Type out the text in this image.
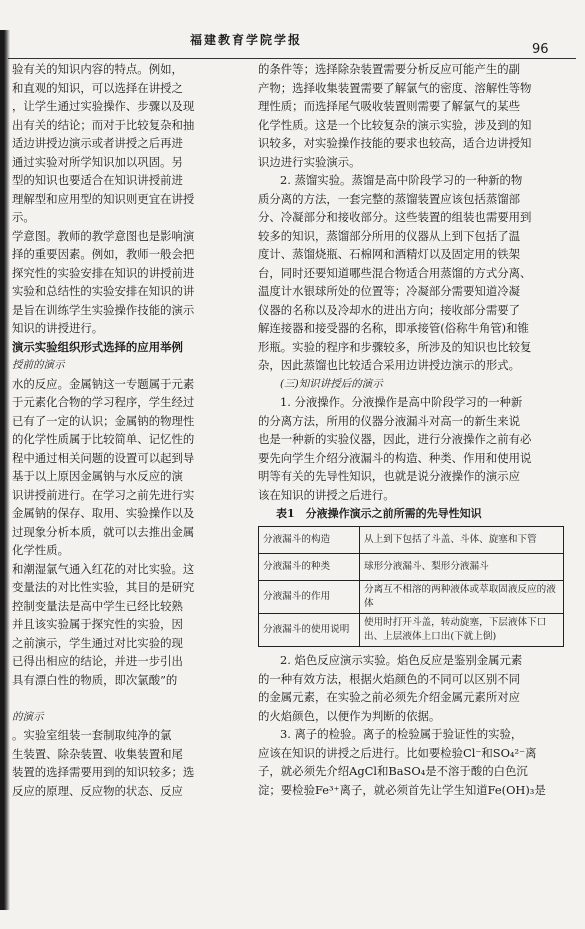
福建教育学院学报
96
验有关的知识内容的特点。例如，
和直观的知识，可以选择在讲授之
，让学生通过实验操作、步骤以及现
出有关的结论；而对于比较复杂和抽
适边讲授边演示或者讲授之后再进
通过实验对所学知识加以巩固。另
型的知识也要适合在知识讲授前进
理解型和应用型的知识则更宜在讲授
示。
学意图。教师的教学意图也是影响演
择的重要因素。例如，教师一般会把
探究性的实验安排在知识的讲授前进
实验和总结性的实验安排在知识的讲
是旨在训练学生实验操作技能的演示
知识的讲授进行。
演示实验组织形式选择的应用举例
授前的演示
水的反应。金属钠这一专题属于元素
于元素化合物的学习程序，学生经过
已有了一定的认识；金属钠的物理性
的化学性质属于比较简单、记忆性的
程中通过相关问题的设置可以起到导
基于以上原因金属钠与水反应的演
识讲授前进行。在学习之前先进行实
金属钠的保存、取用、实验操作以及
过现象分析本质，就可以去推出金属
化学性质。
和潮湿氯气通入红花的对比实验。这
变量法的对比性实验，其目的是研究
控制变量法是高中学生已经比较熟
并且该实验属于探究性的实验，因
之前演示，学生通过对比实验的现
已得出相应的结论，并进一步引出
具有漂白性的物质，即次氯酸”的
的演示
。实验室组装一套制取纯净的氯
生装置、除杂装置、收集装置和尾
装置的选择需要用到的知识较多；选
反应的原理、反应物的状态、反应
的条件等；选择除杂装置需要分析反应可能产生的副
产物；选择收集装置需要了解氯气的密度、溶解性等物
理性质；而选择尾气吸收装置则需要了解氯气的某些
化学性质。这是一个比较复杂的演示实验，涉及到的知
识较多，对实验操作技能的要求也较高，适合边讲授知
识边进行实验演示。
2. 蒸馏实验。蒸馏是高中阶段学习的一种新的物
质分离的方法，一套完整的蒸馏装置应该包括蒸馏部
分、冷凝部分和接收部分。这些装置的组装也需要用到
较多的知识，蒸馏部分所用的仪器从上到下包括了温
度计、蒸馏烧瓶、石棉网和酒精灯以及固定用的铁架
台，同时还要知道哪些混合物适合用蒸馏的方式分离、
温度计水银球所处的位置等；冷凝部分需要知道冷凝
仪器的名称以及冷却水的进出方向；接收部分需要了
解连接器和接受器的名称，即承接管(俗称牛角管)和锥
形瓶。实验的程序和步骤较多，所涉及的知识也比较复
杂，因此蒸馏也比较适合采用边讲授边演示的形式。
(三)知识讲授后的演示
1. 分液操作。分液操作是高中阶段学习的一种新
的分离方法，所用的仪器分液漏斗对高一的新生来说
也是一种新的实验仪器，因此，进行分液操作之前有必
要先向学生介绍分液漏斗的构造、种类、作用和使用说
明等有关的先导性知识，也就是说分液操作的演示应
该在知识的讲授之后进行。
表1　分液操作演示之前所需的先导性知识
分液漏斗的构造	从上到下包括了斗盖、斗体、旋塞和下管
分液漏斗的种类	球形分液漏斗、梨形分液漏斗
分液漏斗的作用	分离互不相溶的两种液体或萃取固液反应的液体
分液漏斗的使用说明	使用时打开斗盖，转动旋塞，下层液体下口出、上层液体上口出(下就上倒)
2. 焰色反应演示实验。焰色反应是鉴别金属元素
的一种有效方法，根据火焰颜色的不同可以区别不同
的金属元素，在实验之前必须先介绍金属元素所对应
的火焰颜色，以便作为判断的依据。
3. 离子的检验。离子的检验属于验证性的实验，
应该在知识的讲授之后进行。比如要检验Cl⁻和SO₄²⁻离
子，就必须先介绍AgCl和BaSO₄是不溶于酸的白色沉
淀；要检验Fe³⁺离子，就必须首先让学生知道Fe(OH)₃是
